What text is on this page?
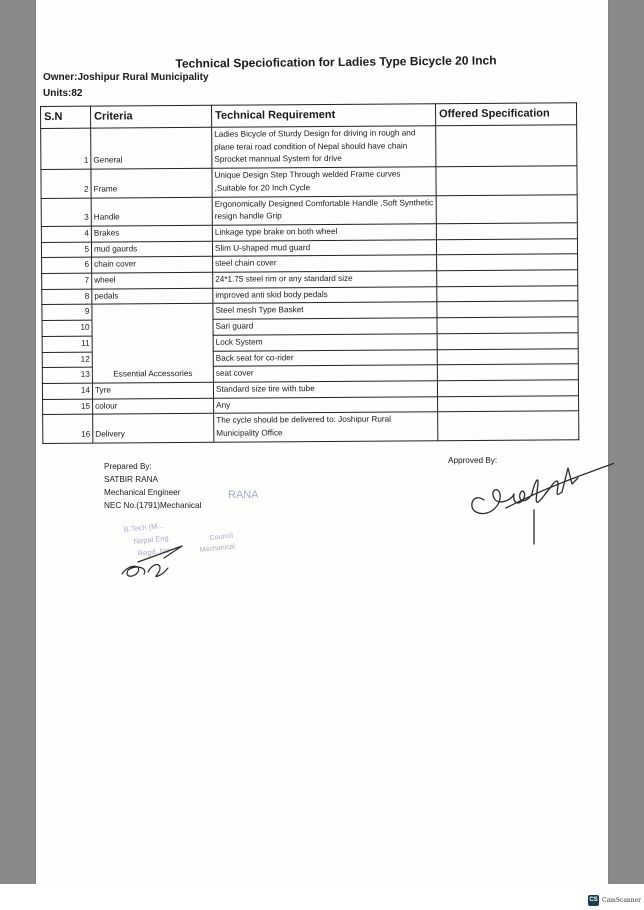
Technical Speciofication for Ladies Type Bicycle 20 Inch
Owner:Joshipur Rural Municipality
Units:82
S.N	Criteria	Technical Requirement	Offered Specification
1	General	Ladies Bicycle of Sturdy Design for driving in rough and plane terai road condition of Nepal should have chain Sprocket mannual System for drive	
2	Frame	Unique Design Step Through welded Frame curves ,Suitable for 20 Inch Cycle	
3	Handle	Ergonomically Designed Comfortable Handle ,Soft Synthetic resign handle Grip	
4	Brakes	Linkage type brake on both wheel	
5	mud gaurds	Slim U-shaped mud guard	
6	chain cover	steel chain cover	
7	wheel	24*1.75 steel rim or any standard size	
8	pedals	improved anti skid body pedals	
9	Essential Accessories	Steel mesh Type Basket	
10		Sari guard	
11		Lock System	
12		Back seat for co-rider	
13		seat cover	
14	Tyre	Standard size tire with tube	
15	colour	Any	
16	Delivery	The cycle should be delivered to: Joshipur Rural Municipality Office	
Prepared By:
SATBIR RANA
Mechanical Engineer
NEC No.(1791)Mechanical
RANA
B.Tech (M...
Nepal Eng
Regd. No.
Council
Mechanical
Approved By:
CS CamScanner
